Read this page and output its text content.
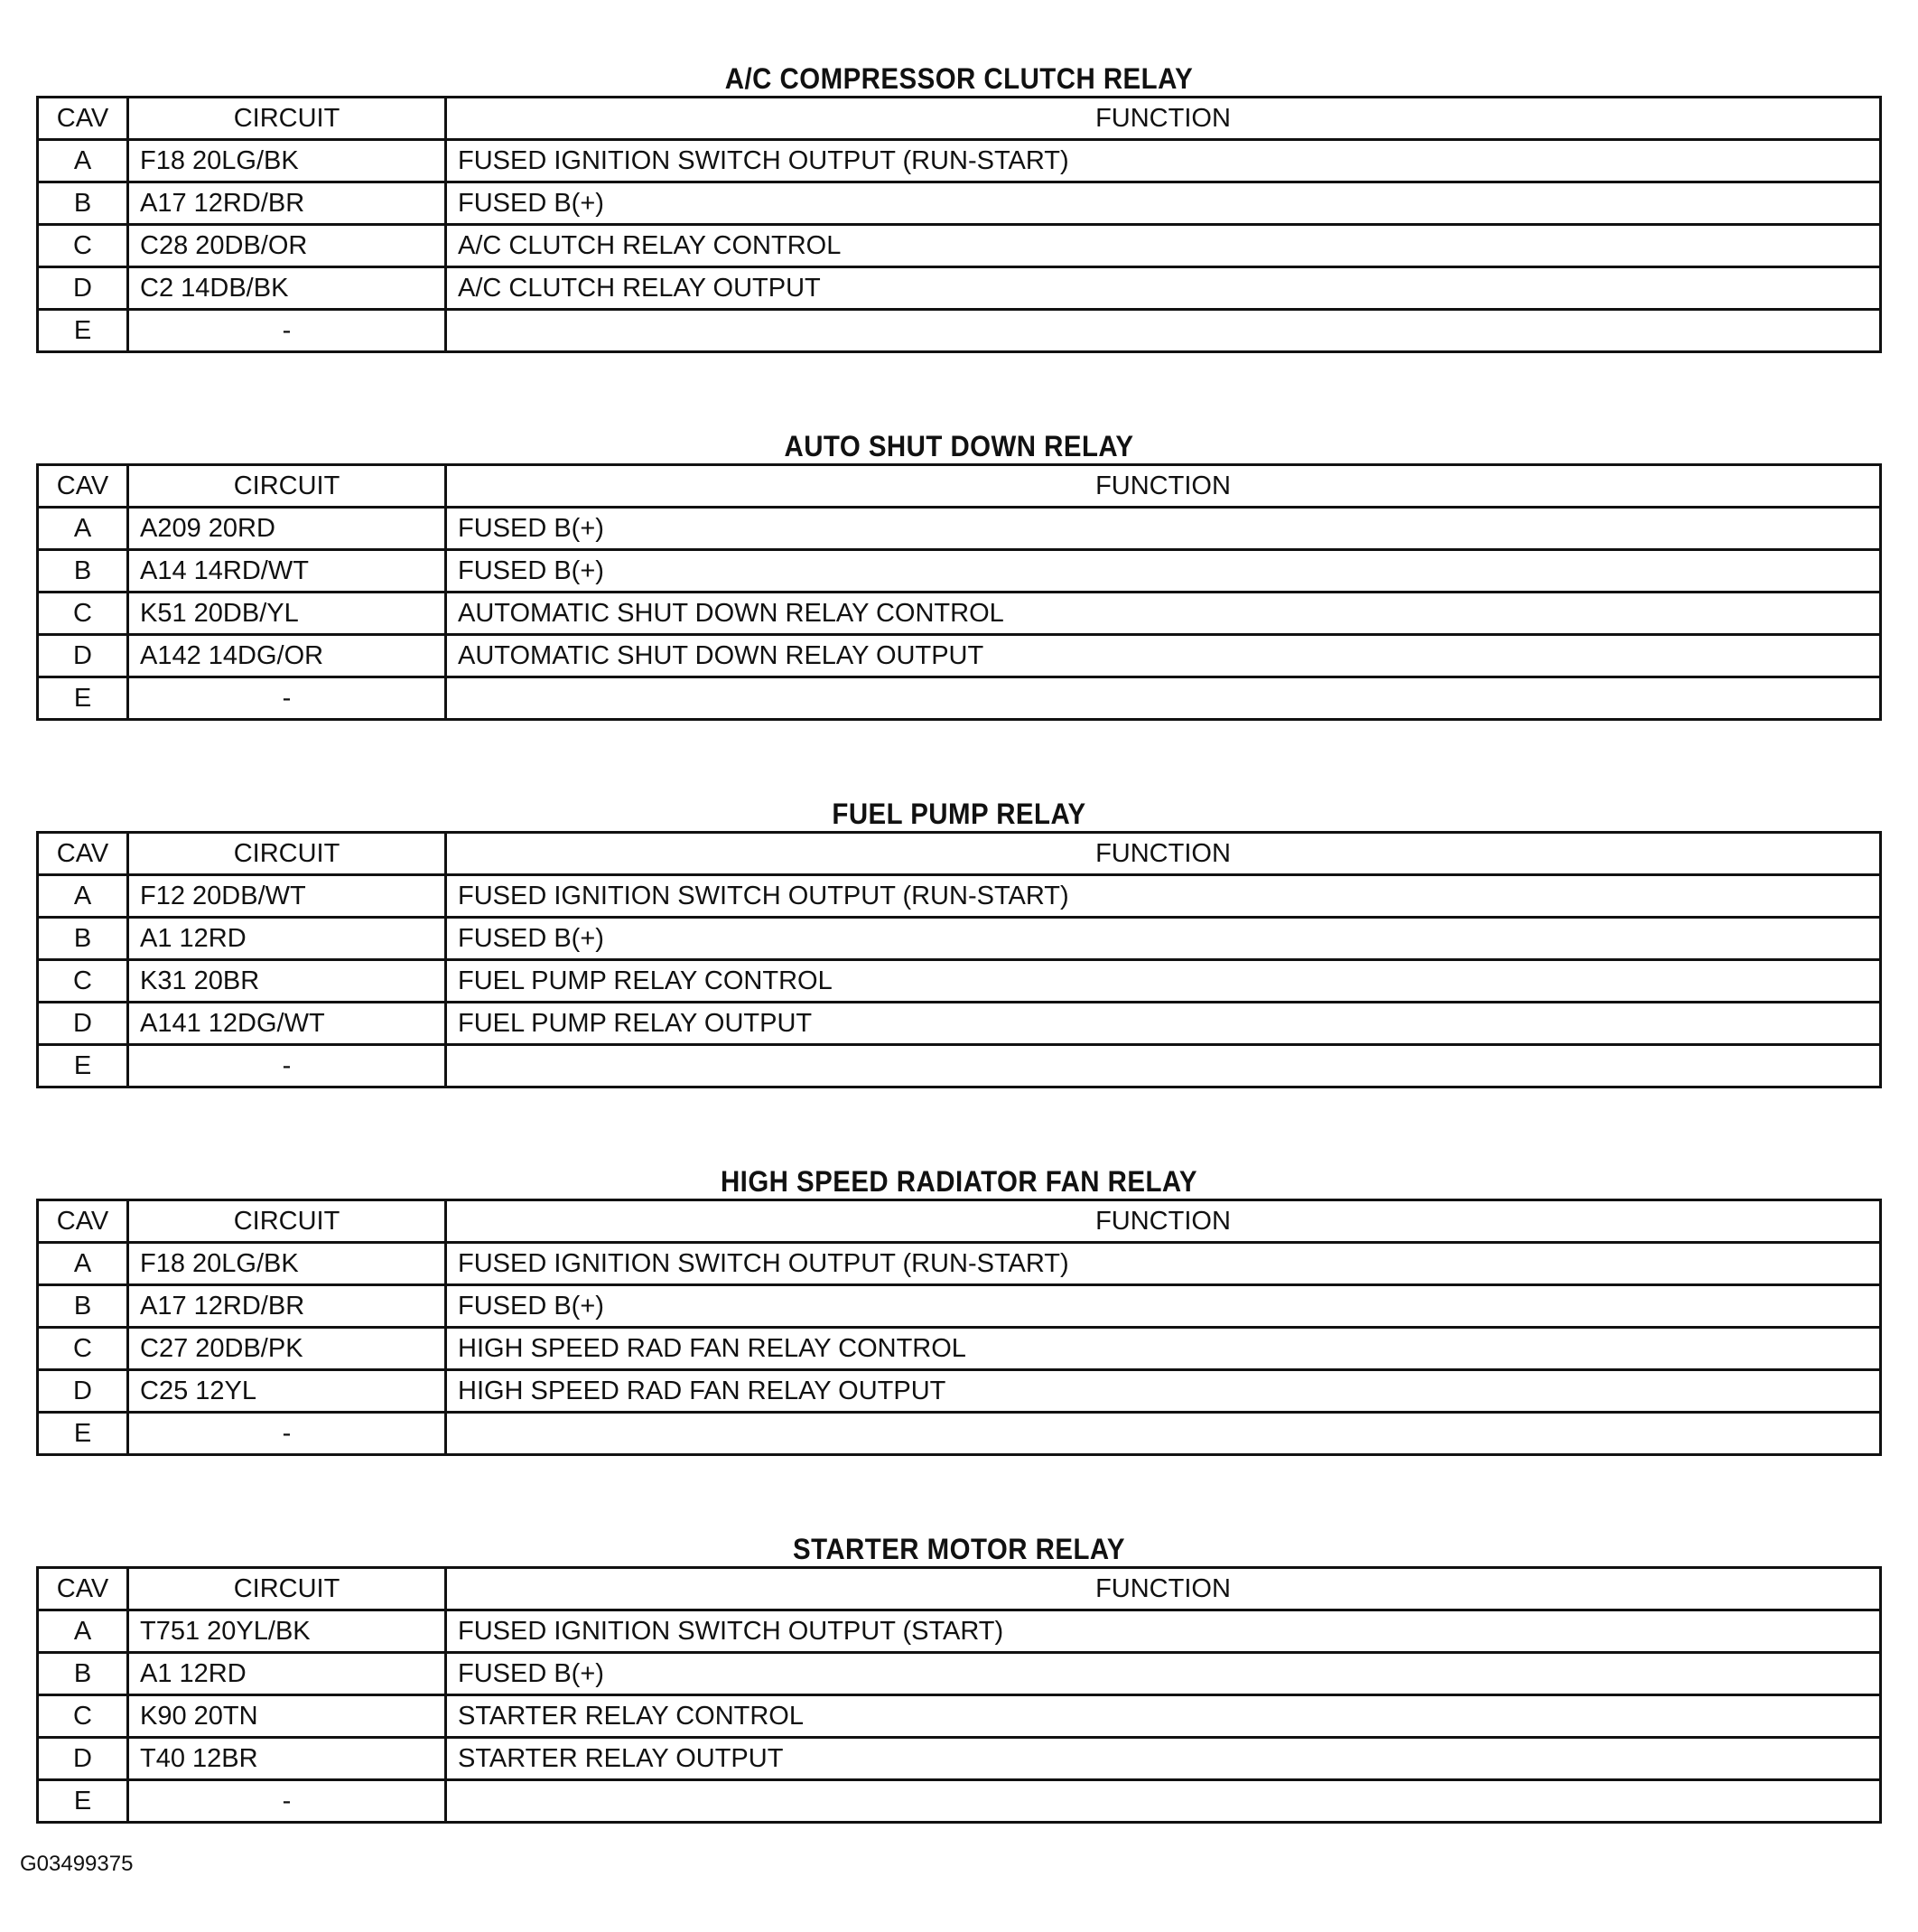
A/C COMPRESSOR CLUTCH RELAY
CAV	CIRCUIT	FUNCTION
A	F18 20LG/BK	FUSED IGNITION SWITCH OUTPUT (RUN-START)
B	A17 12RD/BR	FUSED B(+)
C	C28 20DB/OR	A/C CLUTCH RELAY CONTROL
D	C2 14DB/BK	A/C CLUTCH RELAY OUTPUT
E	-	
AUTO SHUT DOWN RELAY
CAV	CIRCUIT	FUNCTION
A	A209 20RD	FUSED B(+)
B	A14 14RD/WT	FUSED B(+)
C	K51 20DB/YL	AUTOMATIC SHUT DOWN RELAY CONTROL
D	A142 14DG/OR	AUTOMATIC SHUT DOWN RELAY OUTPUT
E	-	
FUEL PUMP RELAY
CAV	CIRCUIT	FUNCTION
A	F12 20DB/WT	FUSED IGNITION SWITCH OUTPUT (RUN-START)
B	A1 12RD	FUSED B(+)
C	K31 20BR	FUEL PUMP RELAY CONTROL
D	A141 12DG/WT	FUEL PUMP RELAY OUTPUT
E	-	
HIGH SPEED RADIATOR FAN RELAY
CAV	CIRCUIT	FUNCTION
A	F18 20LG/BK	FUSED IGNITION SWITCH OUTPUT (RUN-START)
B	A17 12RD/BR	FUSED B(+)
C	C27 20DB/PK	HIGH SPEED RAD FAN RELAY CONTROL
D	C25 12YL	HIGH SPEED RAD FAN RELAY OUTPUT
E	-	
STARTER MOTOR RELAY
CAV	CIRCUIT	FUNCTION
A	T751 20YL/BK	FUSED IGNITION SWITCH OUTPUT (START)
B	A1 12RD	FUSED B(+)
C	K90 20TN	STARTER RELAY CONTROL
D	T40 12BR	STARTER RELAY OUTPUT
E	-	
G03499375
